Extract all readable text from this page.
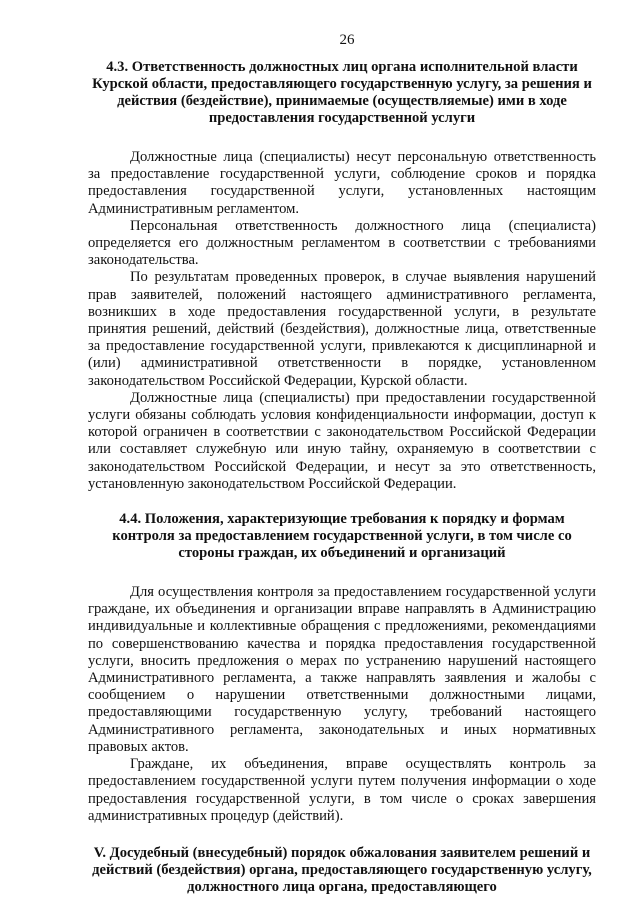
26

4.3. Ответственность должностных лиц органа исполнительной власти Курской области, предоставляющего государственную услугу, за решения и действия (бездействие), принимаемые (осуществляемые) ими в ходе предоставления государственной услуги

Должностные лица (специалисты) несут персональную ответственность за предоставление государственной услуги, соблюдение сроков и порядка предоставления государственной услуги, установленных настоящим Административным регламентом.

Персональная ответственность должностного лица (специалиста) определяется его должностным регламентом в соответствии с требованиями законодательства.

По результатам проведенных проверок, в случае выявления нарушений прав заявителей, положений настоящего административного регламента, возникших в ходе предоставления государственной услуги, в результате принятия решений, действий (бездействия), должностные лица, ответственные за предоставление государственной услуги, привлекаются к дисциплинарной и (или) административной ответственности в порядке, установленном законодательством Российской Федерации, Курской области.

Должностные лица (специалисты) при предоставлении государственной услуги обязаны соблюдать условия конфиденциальности информации, доступ к которой ограничен в соответствии с законодательством Российской Федерации или составляет служебную или иную тайну, охраняемую в соответствии с законодательством Российской Федерации, и несут за это ответственность, установленную законодательством Российской Федерации.

4.4. Положения, характеризующие требования к порядку и формам контроля за предоставлением государственной услуги, в том числе со стороны граждан, их объединений и организаций

Для осуществления контроля за предоставлением государственной услуги граждане, их объединения и организации вправе направлять в Администрацию индивидуальные и коллективные обращения с предложениями, рекомендациями по совершенствованию качества и порядка предоставления государственной услуги, вносить предложения о мерах по устранению нарушений настоящего Административного регламента, а также направлять заявления и жалобы с сообщением о нарушении ответственными должностными лицами, предоставляющими государственную услугу, требований настоящего Административного регламента, законодательных и иных нормативных правовых актов.

Граждане, их объединения, вправе осуществлять контроль за предоставлением государственной услуги путем получения информации о ходе предоставления государственной услуги, в том числе о сроках завершения административных процедур (действий).

V. Досудебный (внесудебный) порядок обжалования заявителем решений и действий (бездействия) органа, предоставляющего государственную услугу, должностного лица органа, предоставляющего
